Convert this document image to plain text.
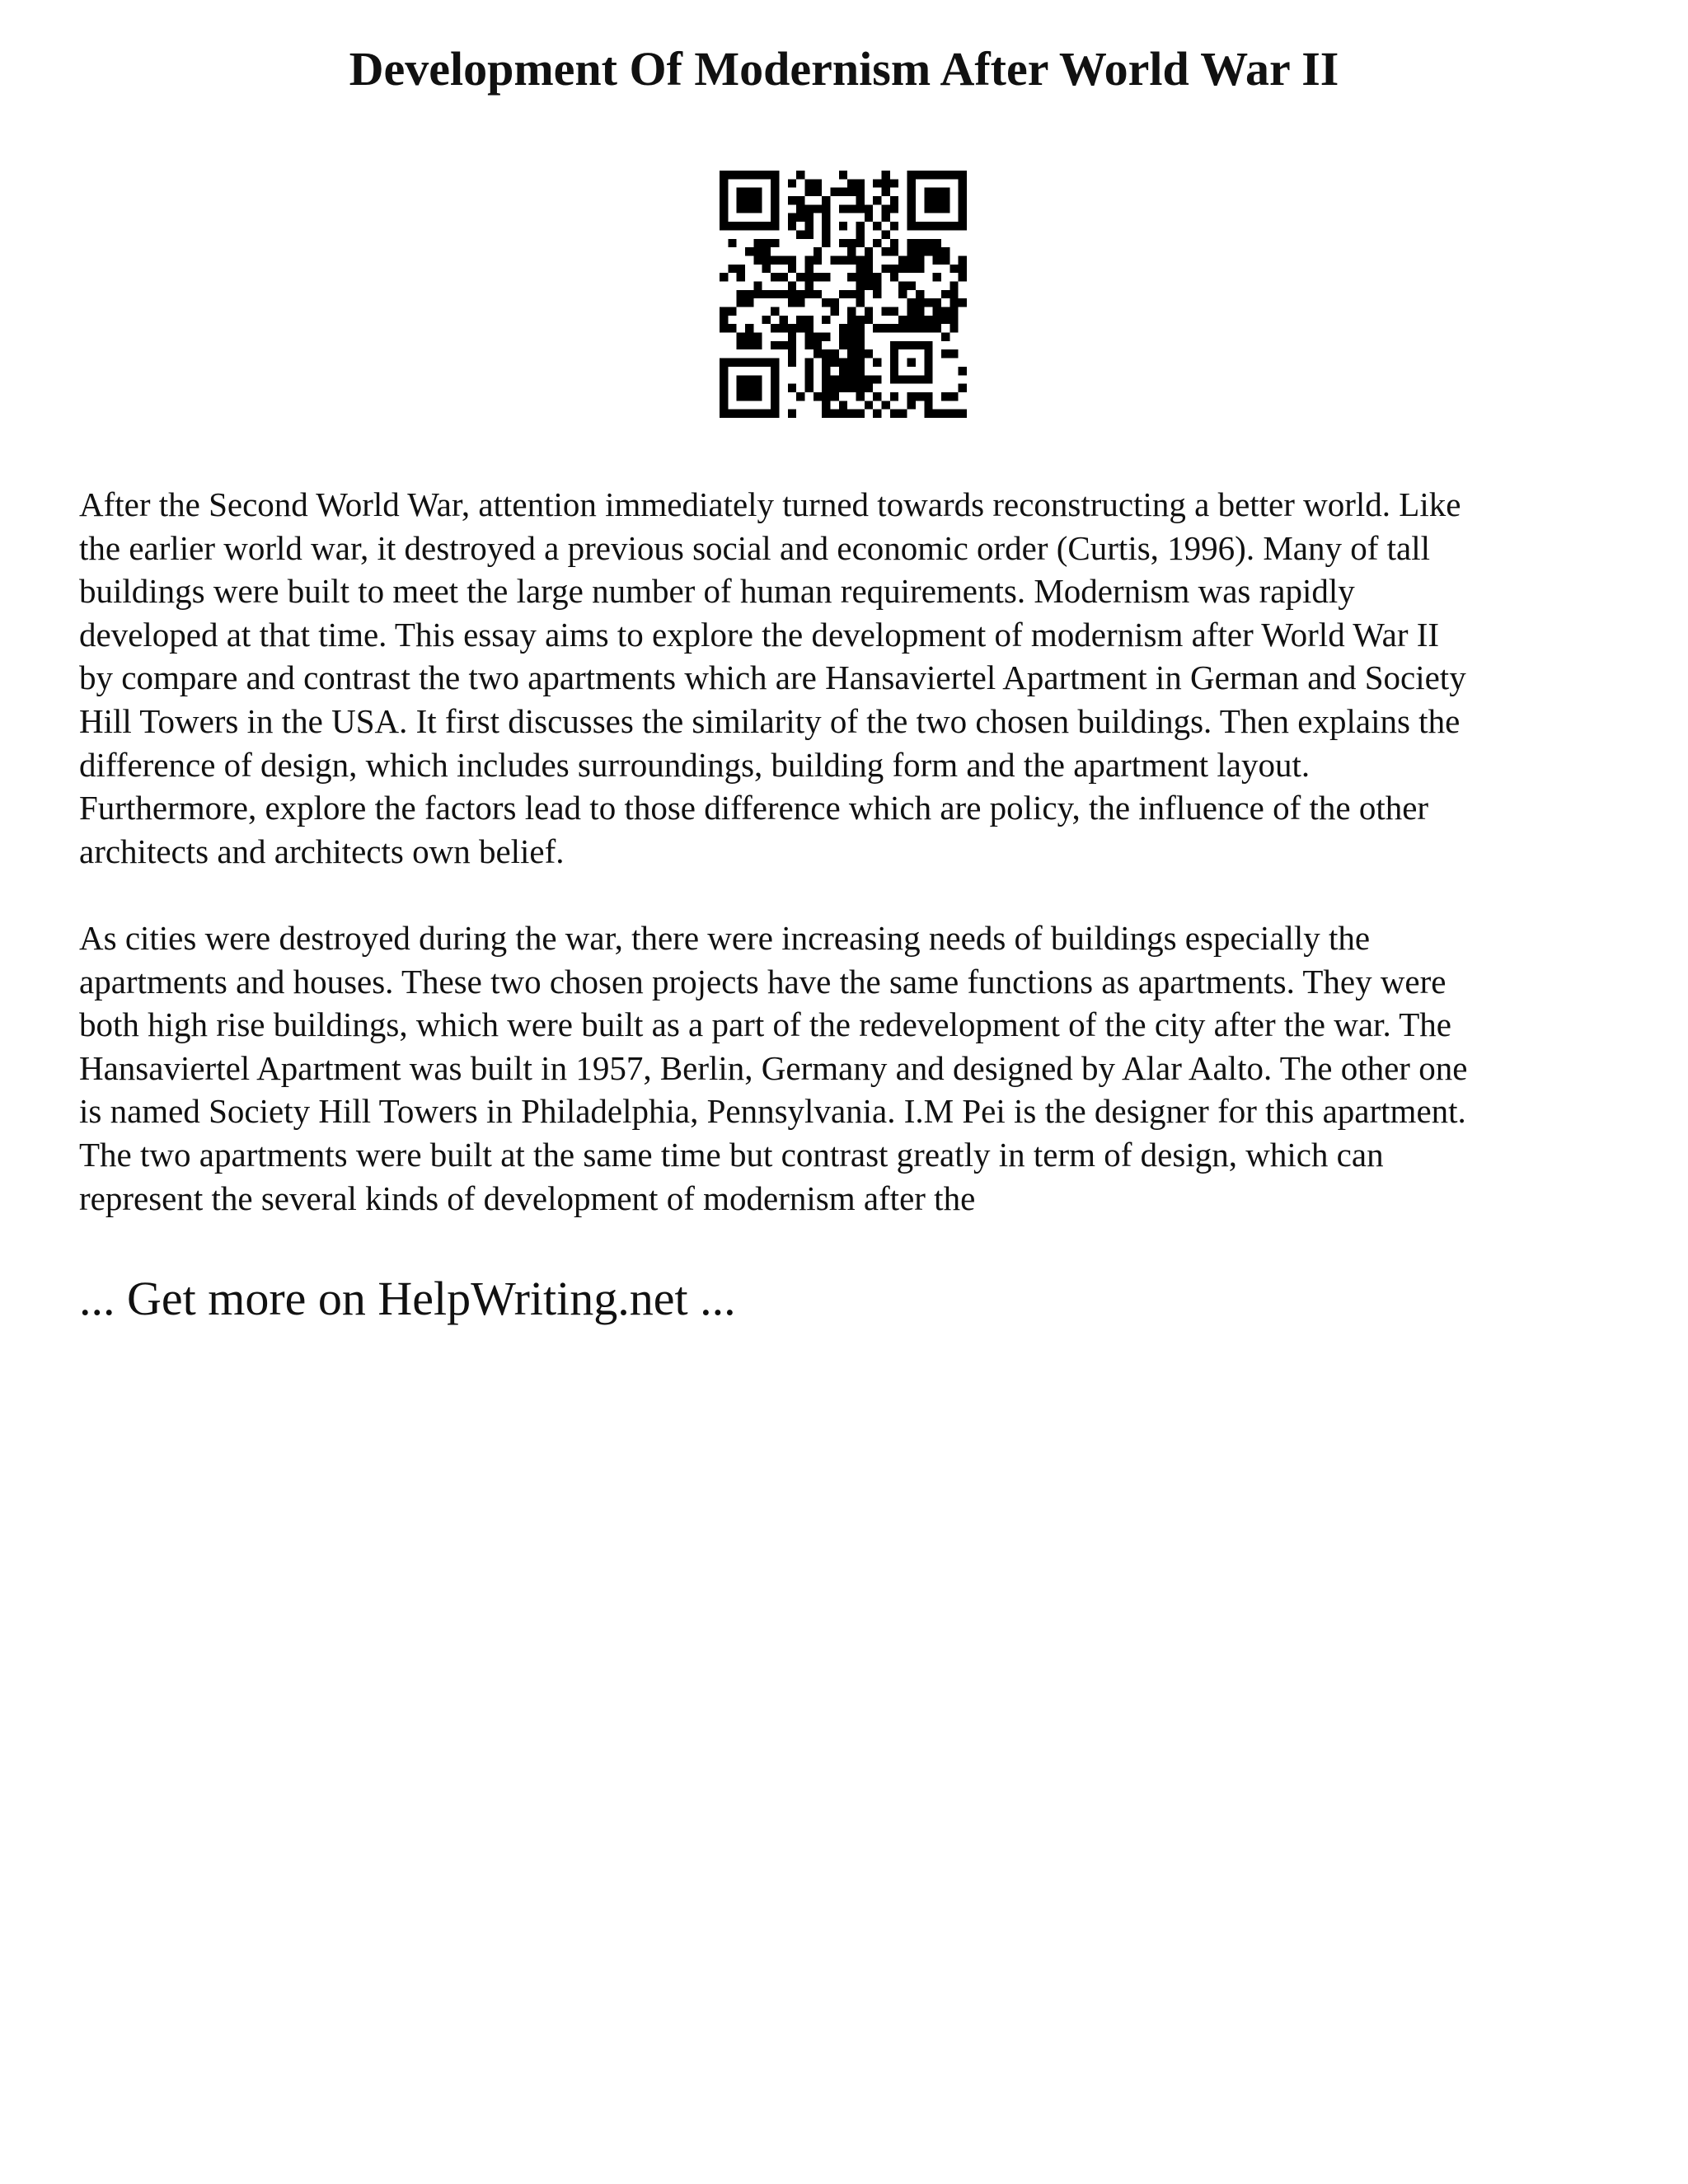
Development Of Modernism After World War II

After the Second World War, attention immediately turned towards reconstructing a better world. Like
the earlier world war, it destroyed a previous social and economic order (Curtis, 1996). Many of tall
buildings were built to meet the large number of human requirements. Modernism was rapidly
developed at that time. This essay aims to explore the development of modernism after World War II
by compare and contrast the two apartments which are Hansaviertel Apartment in German and Society
Hill Towers in the USA. It first discusses the similarity of the two chosen buildings. Then explains the
difference of design, which includes surroundings, building form and the apartment layout.
Furthermore, explore the factors lead to those difference which are policy, the influence of the other
architects and architects own belief.

As cities were destroyed during the war, there were increasing needs of buildings especially the
apartments and houses. These two chosen projects have the same functions as apartments. They were
both high rise buildings, which were built as a part of the redevelopment of the city after the war. The
Hansaviertel Apartment was built in 1957, Berlin, Germany and designed by Alar Aalto. The other one
is named Society Hill Towers in Philadelphia, Pennsylvania. I.M Pei is the designer for this apartment.
The two apartments were built at the same time but contrast greatly in term of design, which can
represent the several kinds of development of modernism after the

... Get more on HelpWriting.net ...
